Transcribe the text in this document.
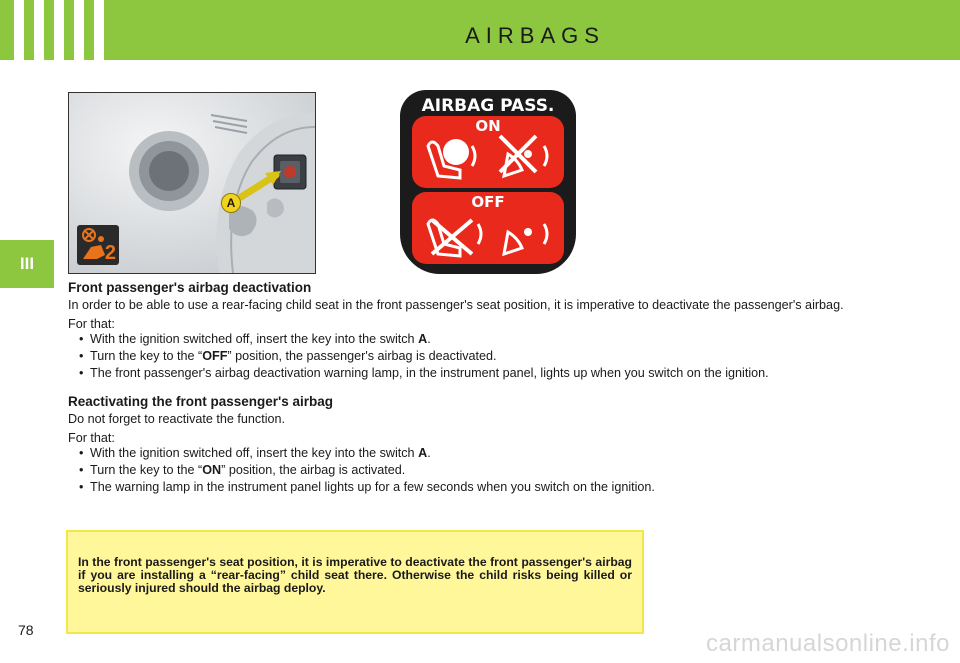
AIRBAGS
III
A
2
AIRBAG PASS.
ON
OFF
Front passenger's airbag deactivation

In order to be able to use a rear-facing child seat in the front passenger's seat position, it is imperative to deactivate the passenger's airbag.

For that:

• With the ignition switched off, insert the key into the switch A.
• Turn the key to the “OFF” position, the passenger's airbag is deactivated.
• The front passenger's airbag deactivation warning lamp, in the instrument panel, lights up when you switch on the ignition.
Reactivating the front passenger's airbag

Do not forget to reactivate the function.

For that:

• With the ignition switched off, insert the key into the switch A.
• Turn the key to the “ON” position, the airbag is activated.
• The warning lamp in the instrument panel lights up for a few seconds when you switch on the ignition.

In the front passenger's seat position, it is imperative to deactivate the front passenger's airbag if you are installing a “rear-facing” child seat there. Otherwise the child risks being killed or seriously injured should the airbag deploy.

78	carmanualsonline.info
